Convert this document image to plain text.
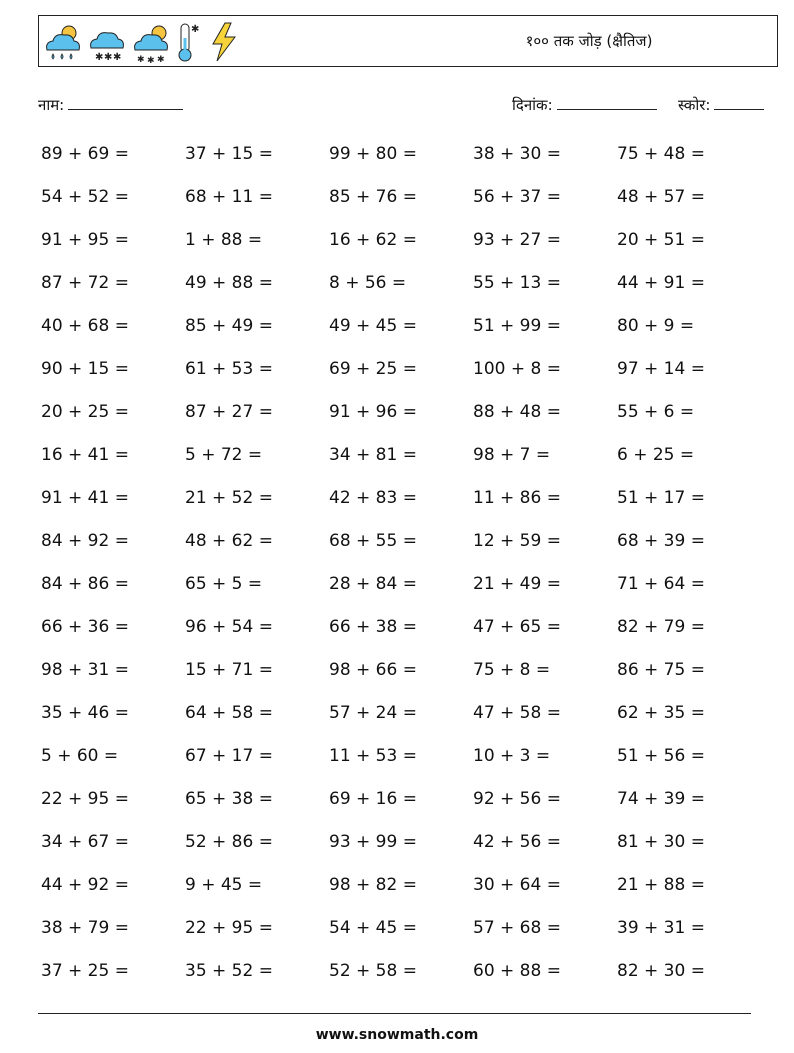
✱ ✱ ✱ ✱ ✱ ✱
✱
१०० तक जोड़ (क्षैतिज)
नाम:	दिनांक:	स्कोर:
89 + 69 =	37 + 15 =	99 + 80 =	38 + 30 =	75 + 48 =
54 + 52 =	68 + 11 =	85 + 76 =	56 + 37 =	48 + 57 =
91 + 95 =	1 + 88 =	16 + 62 =	93 + 27 =	20 + 51 =
87 + 72 =	49 + 88 =	8 + 56 =	55 + 13 =	44 + 91 =
40 + 68 =	85 + 49 =	49 + 45 =	51 + 99 =	80 + 9 =
90 + 15 =	61 + 53 =	69 + 25 =	100 + 8 =	97 + 14 =
20 + 25 =	87 + 27 =	91 + 96 =	88 + 48 =	55 + 6 =
16 + 41 =	5 + 72 =	34 + 81 =	98 + 7 =	6 + 25 =
91 + 41 =	21 + 52 =	42 + 83 =	11 + 86 =	51 + 17 =
84 + 92 =	48 + 62 =	68 + 55 =	12 + 59 =	68 + 39 =
84 + 86 =	65 + 5 =	28 + 84 =	21 + 49 =	71 + 64 =
66 + 36 =	96 + 54 =	66 + 38 =	47 + 65 =	82 + 79 =
98 + 31 =	15 + 71 =	98 + 66 =	75 + 8 =	86 + 75 =
35 + 46 =	64 + 58 =	57 + 24 =	47 + 58 =	62 + 35 =
5 + 60 =	67 + 17 =	11 + 53 =	10 + 3 =	51 + 56 =
22 + 95 =	65 + 38 =	69 + 16 =	92 + 56 =	74 + 39 =
34 + 67 =	52 + 86 =	93 + 99 =	42 + 56 =	81 + 30 =
44 + 92 =	9 + 45 =	98 + 82 =	30 + 64 =	21 + 88 =
38 + 79 =	22 + 95 =	54 + 45 =	57 + 68 =	39 + 31 =
37 + 25 =	35 + 52 =	52 + 58 =	60 + 88 =	82 + 30 =
www.snowmath.com
